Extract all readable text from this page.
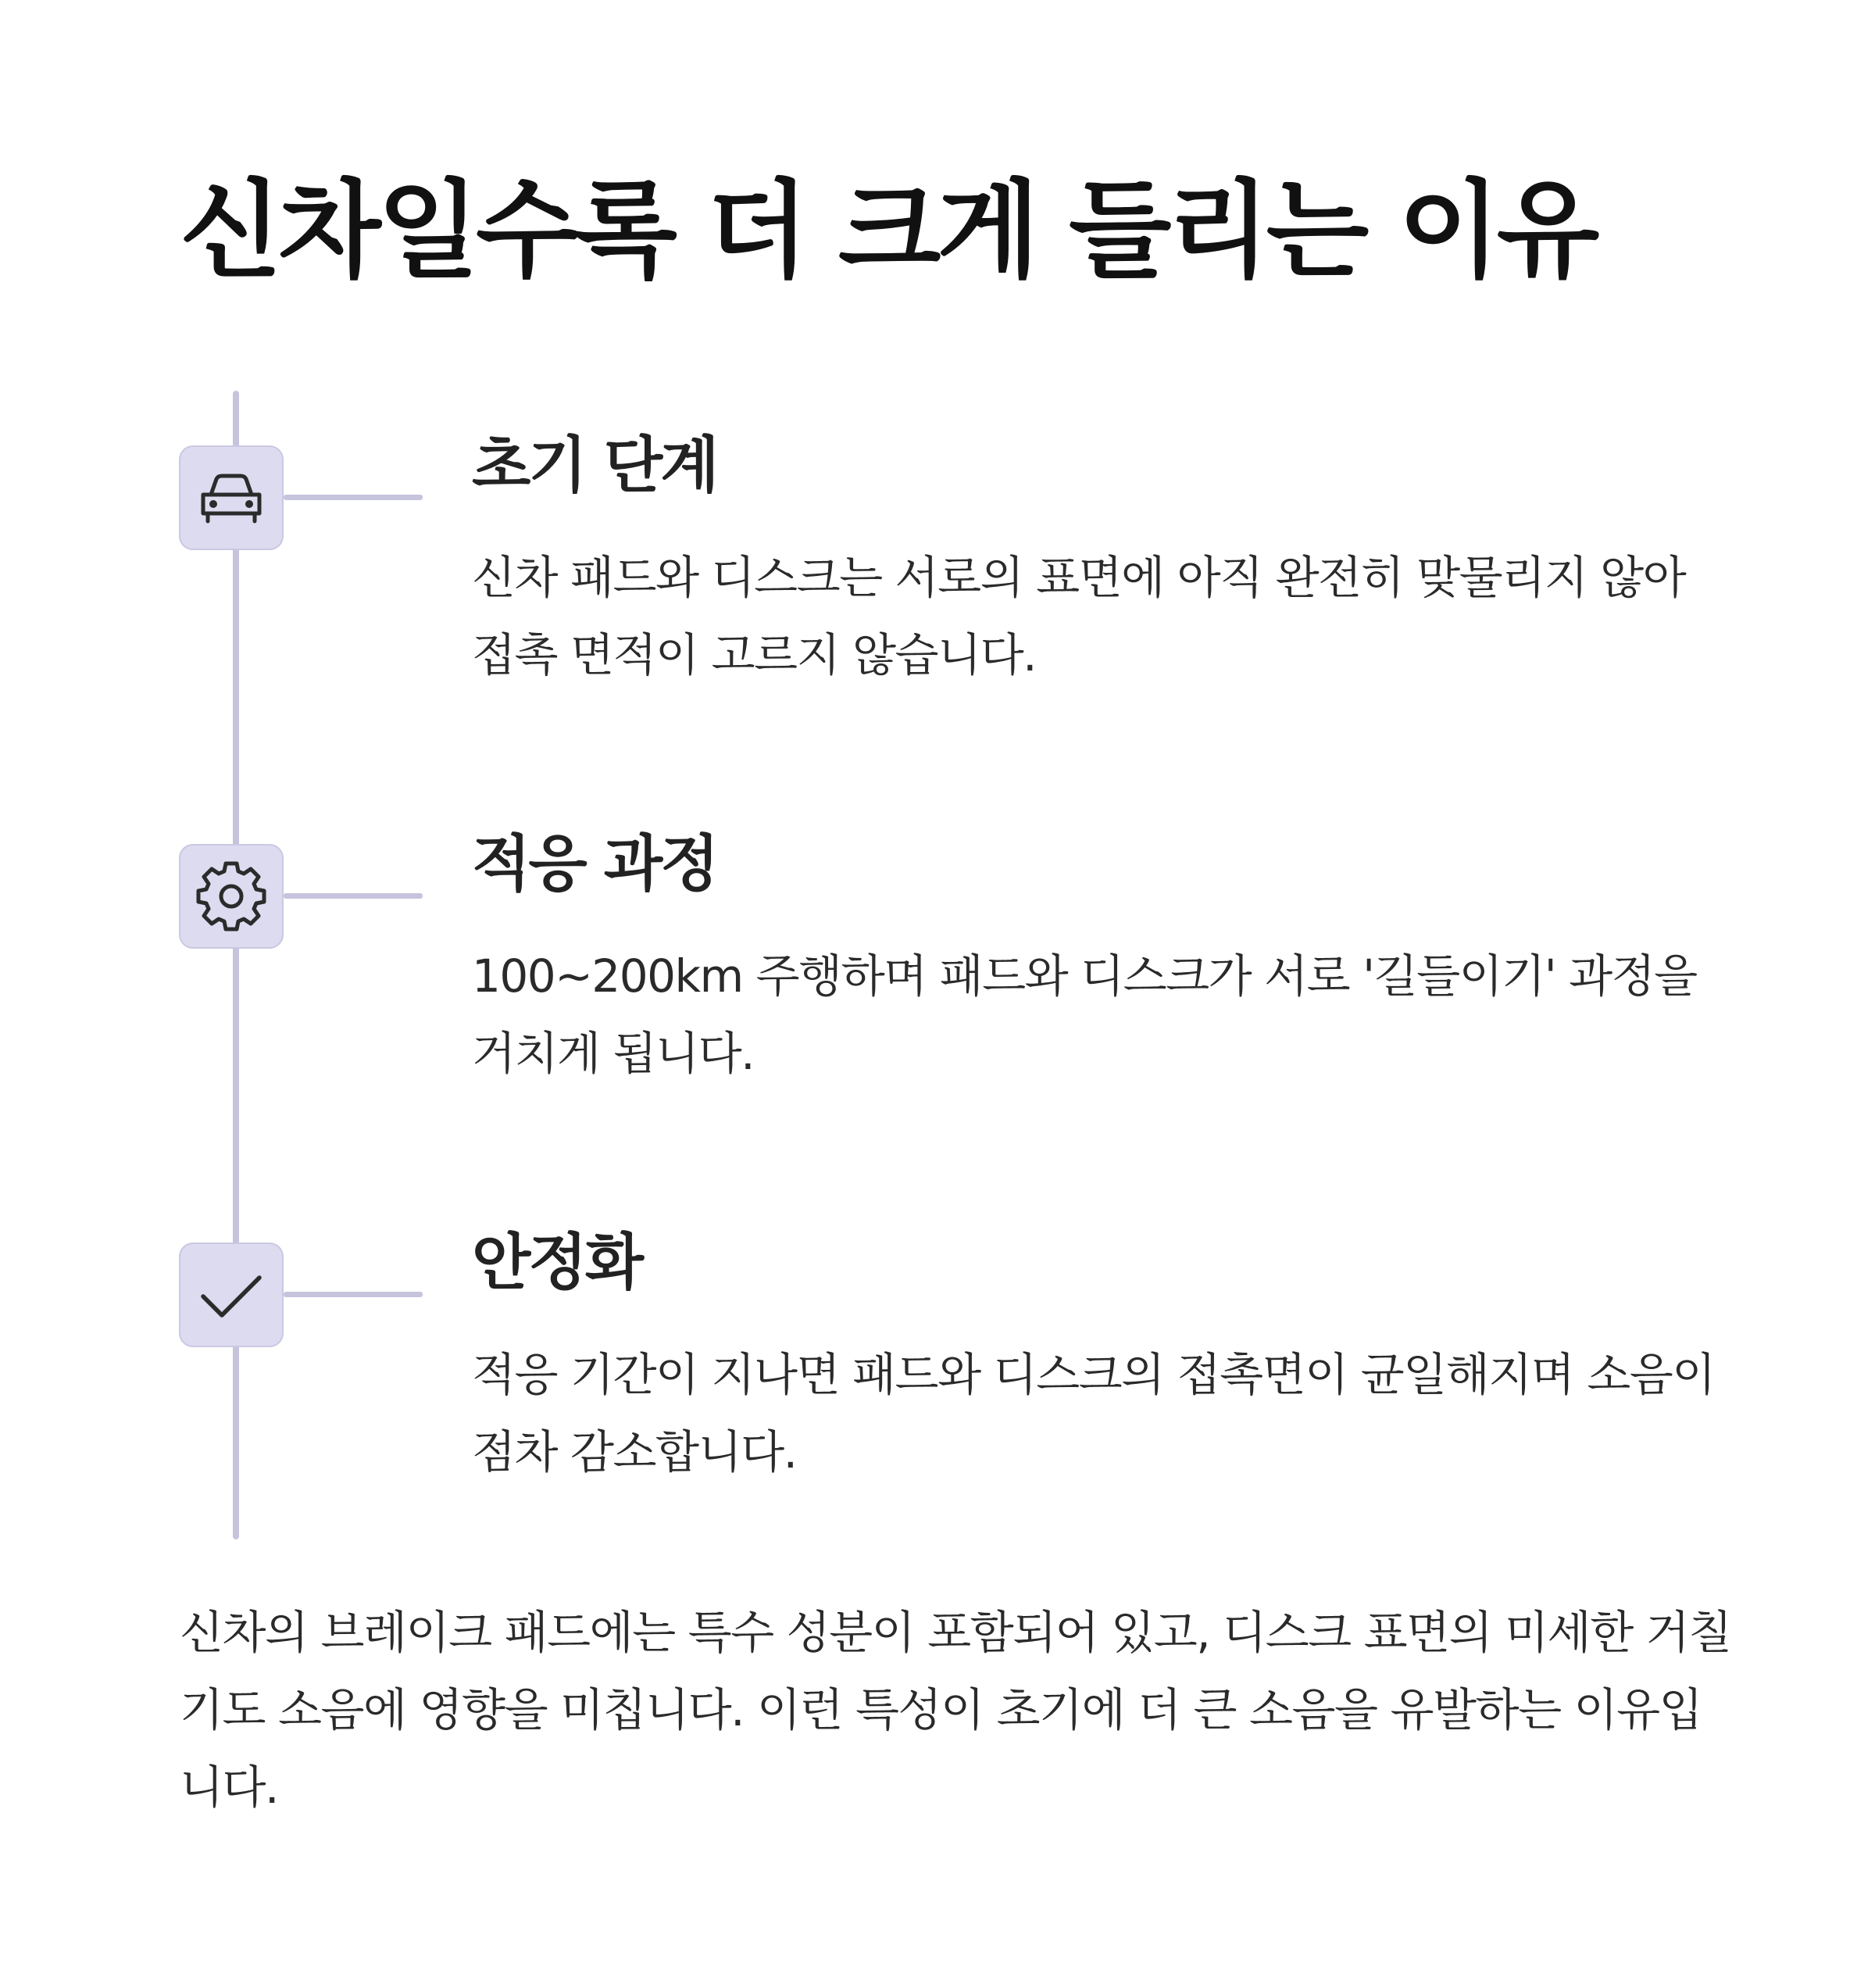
신차일수록 더 크게 들리는 이유
초기 단계

신차 패드와 디스크는 서로의 표면에 아직 완전히 맞물리지 않아 접촉 면적이 고르지 않습니다.

적응 과정

100~200km 주행하며 패드와 디스크가 서로 '길들이기' 과정을 거치게 됩니다.

안정화

적응 기간이 지나면 패드와 디스크의 접촉면이 균일해지며 소음이 점차 감소합니다.

신차의 브레이크 패드에는 특수 성분이 포함되어 있고, 디스크 표면의 미세한 거칠기도 소음에 영향을 미칩니다. 이런 특성이 초기에 더 큰 소음을 유발하는 이유입니다.
